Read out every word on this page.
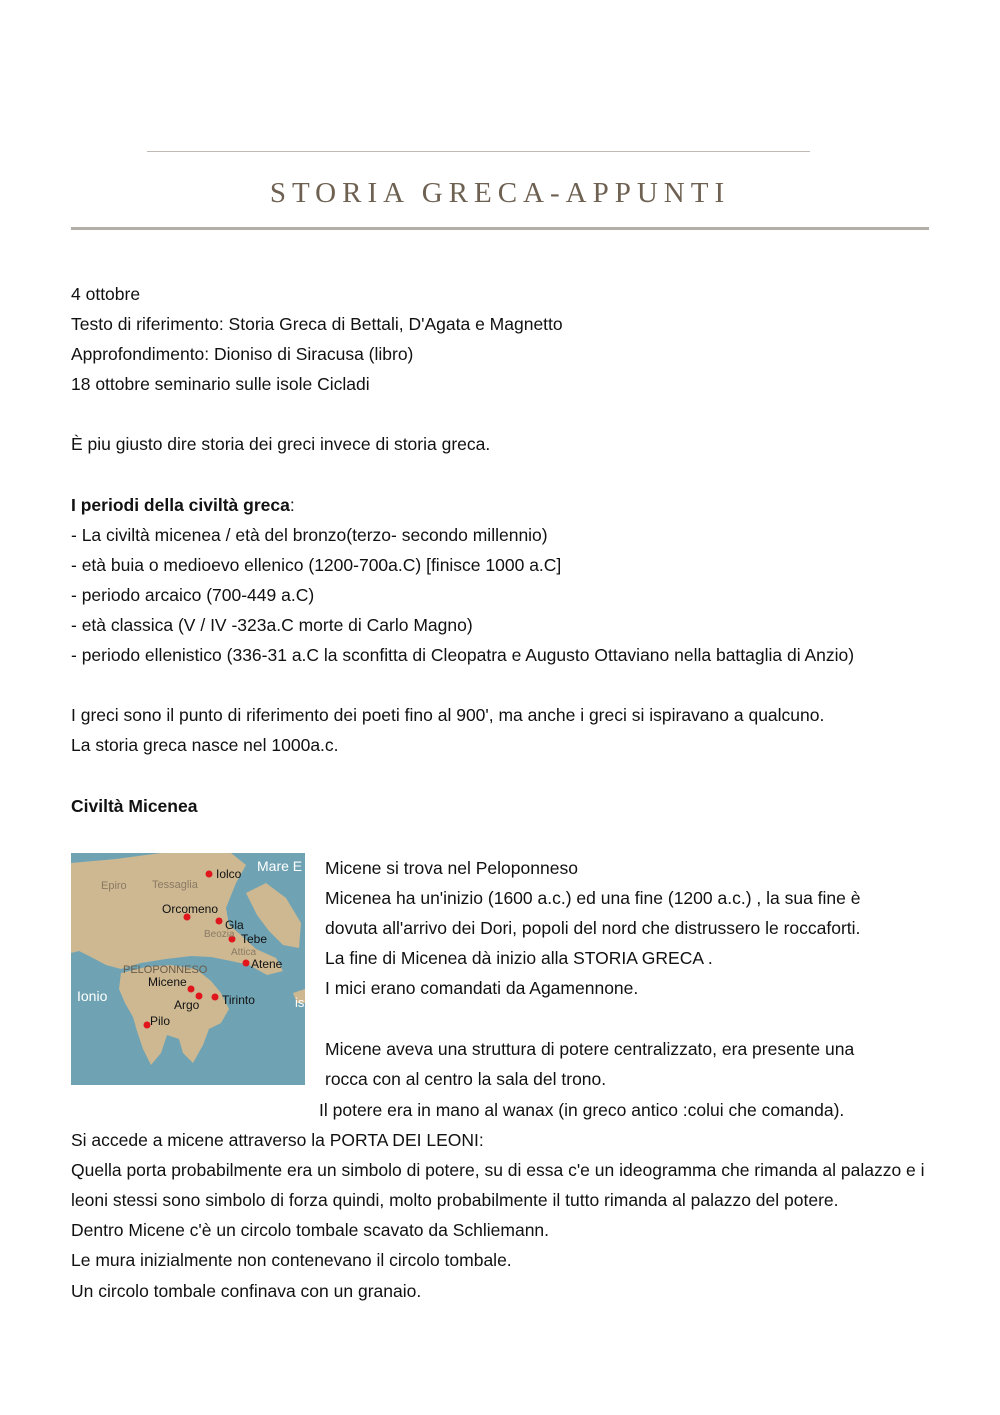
STORIA GRECA-APPUNTI

4 ottobre

Testo di riferimento: Storia Greca di Bettali, D'Agata e Magnetto

Approfondimento: Dioniso di Siracusa (libro)

18 ottobre seminario sulle isole Cicladi

È piu giusto dire storia dei greci invece di storia greca.

I periodi della civiltà greca:

- La civiltà micenea / età del bronzo(terzo- secondo millennio)

- età buia o medioevo ellenico (1200-700a.C) [finisce 1000 a.C]

- periodo arcaico (700-449 a.C)

- età classica (V / IV -323a.C morte di Carlo Magno)

- periodo ellenistico (336-31 a.C la sconfitta di Cleopatra e Augusto Ottaviano nella battaglia di Anzio)

I greci sono il punto di riferimento dei poeti fino al 900', ma anche i greci si ispiravano a qualcuno.

La storia greca nasce nel 1000a.c.

Civiltà Micenea

Mare E
Epiro Tessaglia
Iolco
Orcomeno
Gla
Beozia Tebe
Attica
PELOPONNESO	Atene
Micene
Ionio	Tirinto
Argo
Pilo
is

Micene si trova nel Peloponneso

Micenea ha un'inizio (1600 a.c.) ed una fine (1200 a.c.) , la sua fine è

dovuta all'arrivo dei Dori, popoli del nord che distrussero le roccaforti.

La fine di Micenea dà inizio alla STORIA GRECA .

I mici erano comandati da Agamennone.

Micene aveva una struttura di potere centralizzato, era presente una

rocca con al centro la sala del trono.

Il potere era in mano al wanax (in greco antico :colui che comanda).

Si accede a micene attraverso la PORTA DEI LEONI:

Quella porta probabilmente era un simbolo di potere, su di essa c'e un ideogramma che rimanda al palazzo e i leoni stessi sono simbolo di forza quindi, molto probabilmente il tutto rimanda al palazzo del potere.

Dentro Micene c'è un circolo tombale scavato da Schliemann.

Le mura inizialmente non contenevano il circolo tombale.

Un circolo tombale confinava con un granaio.
